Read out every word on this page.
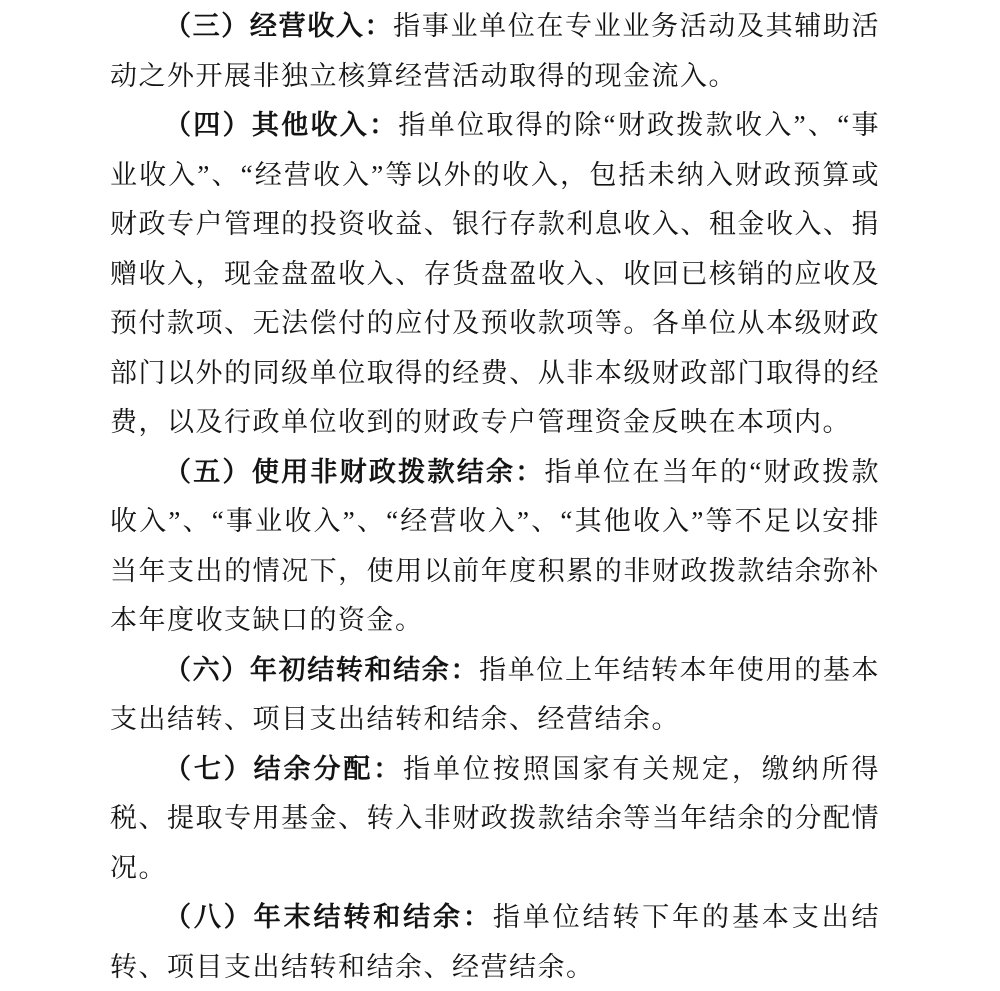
（三）经营收入：指事业单位在专业业务活动及其辅助活动之外开展非独立核算经营活动取得的现金流入。

（四）其他收入：指单位取得的除“财政拨款收入”、“事业收入”、“经营收入”等以外的收入，包括未纳入财政预算或财政专户管理的投资收益、银行存款利息收入、租金收入、捐赠收入，现金盘盈收入、存货盘盈收入、收回已核销的应收及预付款项、无法偿付的应付及预收款项等。各单位从本级财政部门以外的同级单位取得的经费、从非本级财政部门取得的经费，以及行政单位收到的财政专户管理资金反映在本项内。

（五）使用非财政拨款结余：指单位在当年的“财政拨款收入”、“事业收入”、“经营收入”、“其他收入”等不足以安排当年支出的情况下，使用以前年度积累的非财政拨款结余弥补本年度收支缺口的资金。

（六）年初结转和结余：指单位上年结转本年使用的基本支出结转、项目支出结转和结余、经营结余。

（七）结余分配：指单位按照国家有关规定，缴纳所得税、提取专用基金、转入非财政拨款结余等当年结余的分配情况。

（八）年末结转和结余：指单位结转下年的基本支出结转、项目支出结转和结余、经营结余。
